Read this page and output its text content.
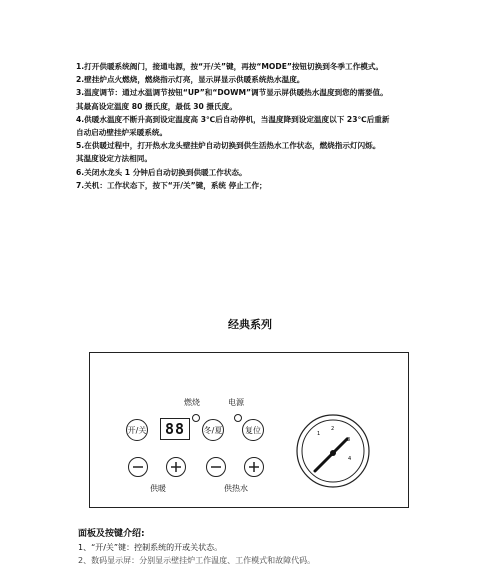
1.打开供暖系统阀门，接通电源，按“开/关”键，再按“MODE”按钮切换到冬季工作模式。
2.壁挂炉点火燃烧，燃烧指示灯亮，显示屏显示供暖系统热水温度。
3.温度调节：通过水温调节按钮“UP”和“DOWM”调节显示屏供暖热水温度到您的需要值。
其最高设定温度 80 摄氏度，最低 30 摄氏度。
4.供暖水温度不断升高到设定温度高 3℃后自动停机，当温度降到设定温度以下 23℃后重新
自动启动壁挂炉采暖系统。
5.在供暖过程中，打开热水龙头壁挂炉自动切换到供生活热水工作状态，燃烧指示灯闪烁。
其温度设定方法相同。
6.关闭水龙头 1 分钟后自动切换到供暖工作状态。
7.关机：工作状态下，按下“开/关”键，系统 停止工作；
经典系列
燃烧	电源
开/关 88 冬/夏	复位
供暖	供热水
1
2
3
4
面板及按键介绍:
1、“开/关”键：控制系统的开或关状态。
2、数码显示屏：分别显示壁挂炉工作温度、工作模式和故障代码。
